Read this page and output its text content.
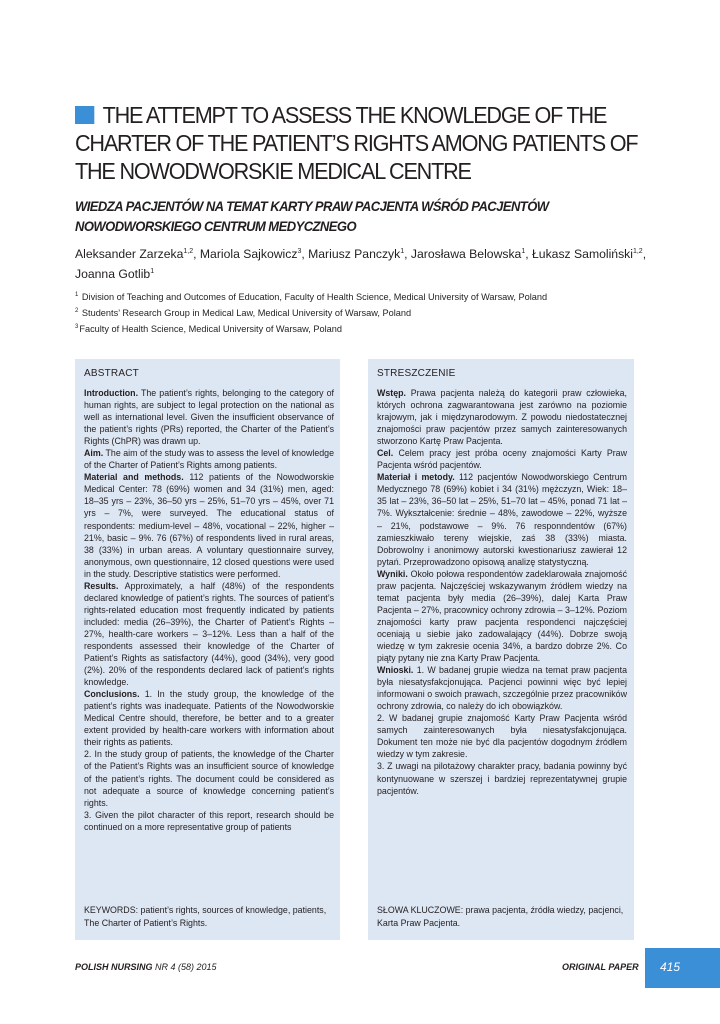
THE ATTEMPT TO ASSESS THE KNOWLEDGE OF THE CHARTER OF THE PATIENT’S RIGHTS AMONG PATIENTS OF THE NOWODWORSKIE MEDICAL CENTRE
WIEDZA PACJENTÓW NA TEMAT KARTY PRAW PACJENTA WŚRÓD PACJENTÓW NOWODWORSKIEGO CENTRUM MEDYCZNEGO

Aleksander Zarzeka$^{1,2}$, Mariola Sajkowicz$^3$, Mariusz Panczyk$^1$, Jarosława Belowska$^1$, Łukasz Samoliński$^{1,2}$,
Joanna Gotlib$^1$

$^1$ Division of Teaching and Outcomes of Education, Faculty of Health Science, Medical University of Warsaw, Poland
$^2$ Students’ Research Group in Medical Law, Medical University of Warsaw, Poland
$^3$Faculty of Health Science, Medical University of Warsaw, Poland
ABSTRACT

Introduction. The patient’s rights, belonging to the category of human rights, are subject to legal protection on the national as well as international level. Given the insufficient observance of the patient’s rights (PRs) reported, the Charter of the Patient’s Rights (ChPR) was drawn up.

Aim. The aim of the study was to assess the level of knowledge of the Charter of Patient’s Rights among patients.

Material and methods. 112 patients of the Nowodworskie Medical Center: 78 (69%) women and 34 (31%) men, aged: 18–35 yrs – 23%, 36–50 yrs – 25%, 51–70 yrs – 45%, over 71 yrs – 7%, were surveyed. The educational status of respondents: medium-level – 48%, vocational – 22%, higher – 21%, basic – 9%. 76 (67%) of respondents lived in rural areas, 38 (33%) in urban areas. A voluntary questionnaire survey, anonymous, own questionnaire, 12 closed questions were used in the study. Descriptive statistics were performed.

Results. Approximately, a half (48%) of the respondents declared knowledge of patient’s rights. The sources of patient’s rights-related education most frequently indicated by patients included: media (26–39%), the Charter of Patient’s Rights – 27%, health-care workers – 3–12%. Less than a half of the respondents assessed their knowledge of the Charter of Patient’s Rights as satisfactory (44%), good (34%), very good (2%). 20% of the respondents declared lack of patient’s rights knowledge.

Conclusions. 1. In the study group, the knowledge of the patient’s rights was inadequate. Patients of the Nowodworskie Medical Centre should, therefore, be better and to a greater extent provided by health-care workers with information about their rights as patients.

2. In the study group of patients, the knowledge of the Charter of the Patient’s Rights was an insufficient source of knowledge of the patient’s rights. The document could be considered as not adequate a source of knowledge concerning patient’s rights.

3. Given the pilot character of this report, research should be continued on a more representative group of patients

KEYWORDS: patient’s rights, sources of knowledge, patients, The Charter of Patient’s Rights.
STRESZCZENIE

Wstęp. Prawa pacjenta należą do kategorii praw człowieka, których ochrona zagwarantowana jest zarówno na poziomie krajowym, jak i międzynarodowym. Z powodu niedostatecznej znajomości praw pacjentów przez samych zainteresowanych stworzono Kartę Praw Pacjenta.

Cel. Celem pracy jest próba oceny znajomości Karty Praw Pacjenta wśród pacjentów.

Materiał i metody. 112 pacjentów Nowodworskiego Centrum Medycznego 78 (69%) kobiet i 34 (31%) mężczyzn, Wiek: 18–35 lat – 23%, 36–50 lat – 25%, 51–70 lat – 45%, ponad 71 lat – 7%. Wykształcenie: średnie – 48%, zawodowe – 22%, wyższe – 21%, podstawowe – 9%. 76 responndentów (67%) zamieszkiwało tereny wiejskie, zaś 38 (33%) miasta. Dobrowolny i anonimowy autorski kwestionariusz zawierał 12 pytań. Przeprowadzono opisową analizę statystyczną.

Wyniki. Około połowa respondentów zadeklarowała znajomość praw pacjenta. Najczęściej wskazywanym źródłem wiedzy na temat pacjenta były media (26–39%), dalej Karta Praw Pacjenta – 27%, pracownicy ochrony zdrowia – 3–12%. Poziom znajomości karty praw pacjenta respondenci najczęściej oceniają u siebie jako zadowalający (44%). Dobrze swoją wiedzę w tym zakresie ocenia 34%, a bardzo dobrze 2%. Co piąty pytany nie zna Karty Praw Pacjenta.

Wnioski. 1. W badanej grupie wiedza na temat praw pacjenta była niesatysfakcjonująca. Pacjenci powinni więc być lepiej informowani o swoich prawach, szczególnie przez pracowników ochrony zdrowia, co należy do ich obowiązków.

2. W badanej grupie znajomość Karty Praw Pacjenta wśród samych zainteresowanych była niesatysfakcjonująca. Dokument ten może nie być dla pacjentów dogodnym źródłem wiedzy w tym zakresie.

3. Z uwagi na pilotażowy charakter pracy, badania powinny być kontynuowane w szerszej i bardziej reprezentatywnej grupie pacjentów.

SŁOWA KLUCZOWE: prawa pacjenta, źródła wiedzy, pacjenci, Karta Praw Pacjenta.
POLISH NURSING NR 4 (58) 2015	ORIGINAL PAPER 415
